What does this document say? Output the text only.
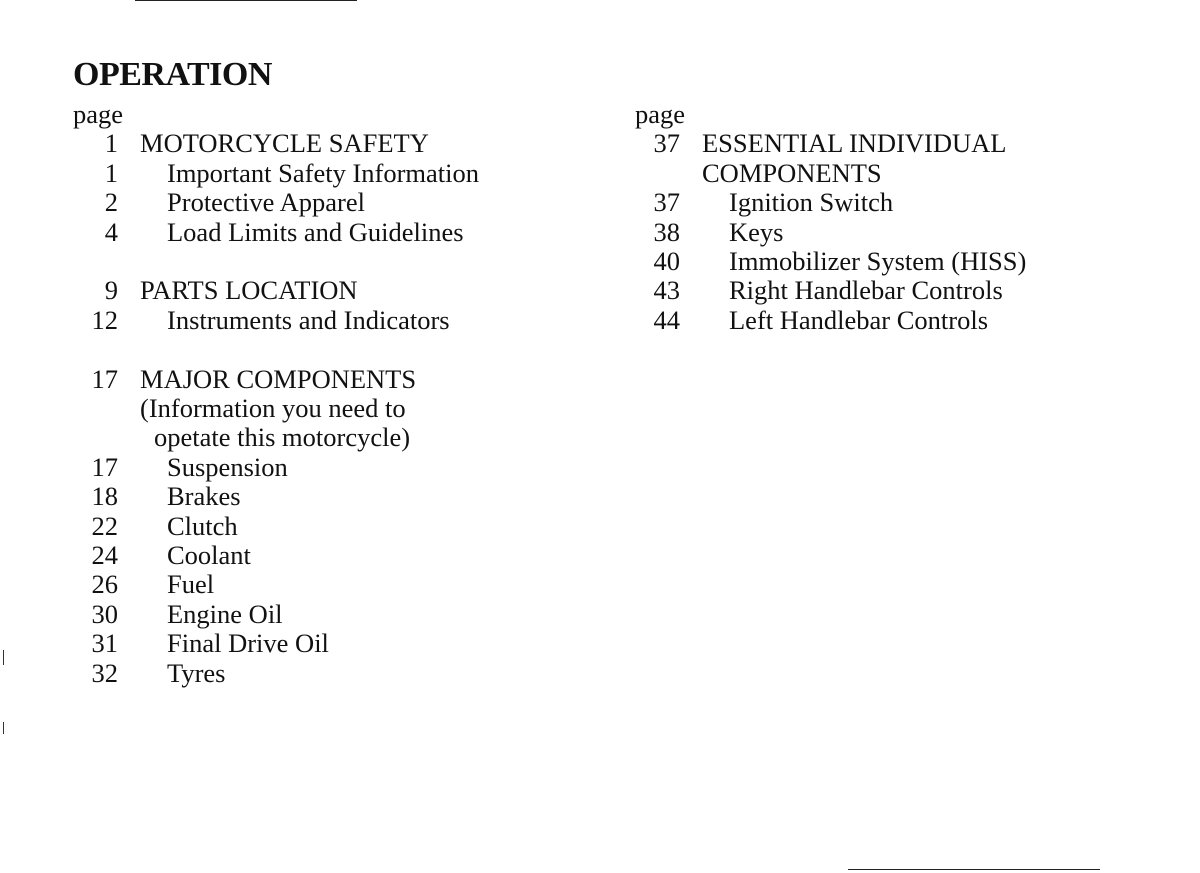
OPERATION
page
1 MOTORCYCLE SAFETY
1	Important Safety Information
2	Protective Apparel
4	Load Limits and Guidelines
9 PARTS LOCATION
12	Instruments and Indicators
17 MAJOR COMPONENTS
(Information you need to
opetate this motorcycle)
17	Suspension
18	Brakes
22	Clutch
24	Coolant
26	Fuel
30	Engine Oil
31	Final Drive Oil
32	Tyres
page
37 ESSENTIAL INDIVIDUAL
COMPONENTS
37	Ignition Switch
38	Keys
40	Immobilizer System (HISS)
43	Right Handlebar Controls
44	Left Handlebar Controls
